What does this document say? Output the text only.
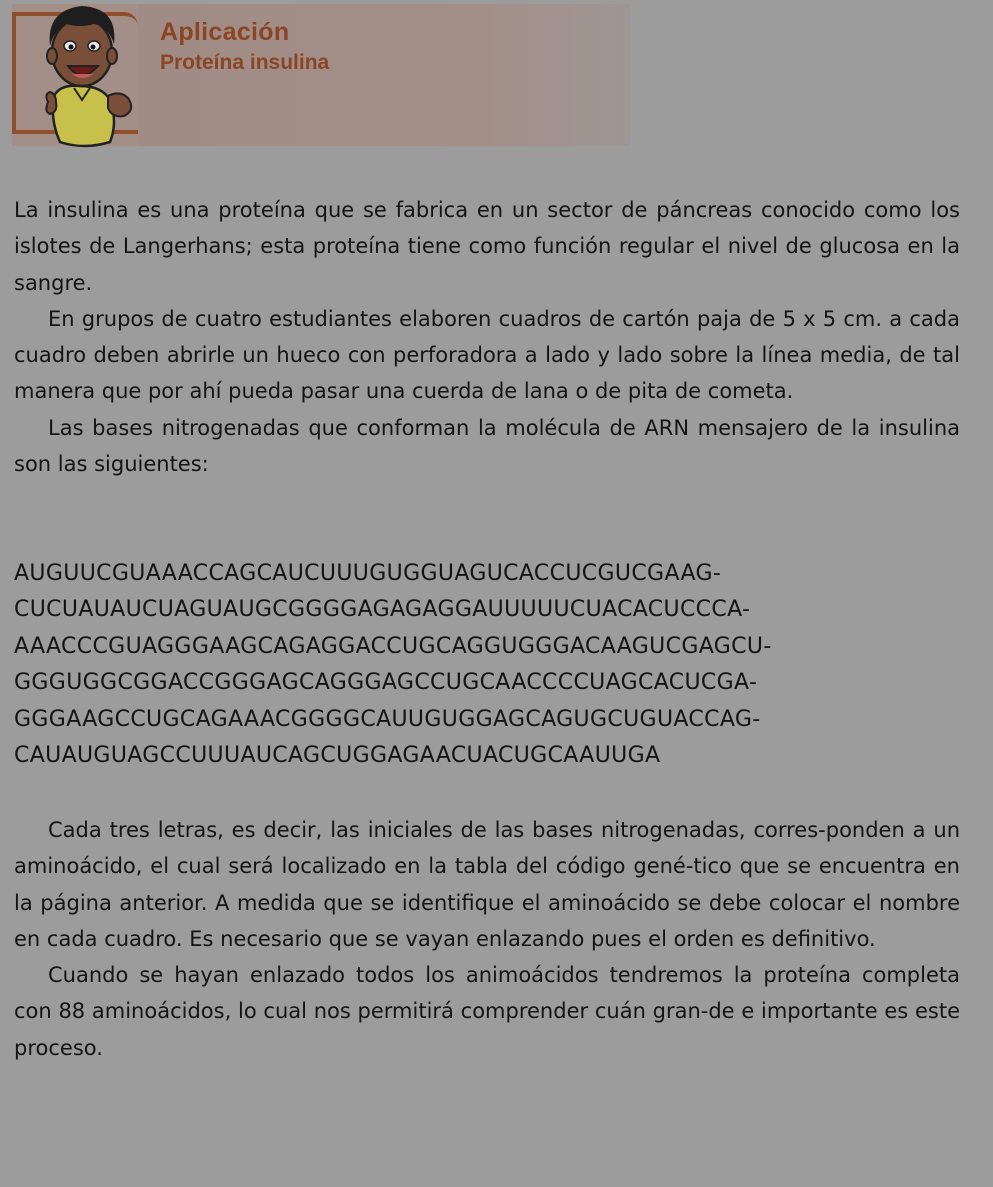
Aplicación
Proteína insulina

La insulina es una proteína que se fabrica en un sector de páncreas conocido como los islotes de Langerhans; esta proteína tiene como función regular el nivel de glucosa en la sangre.

En grupos de cuatro estudiantes elaboren cuadros de cartón paja de 5 x 5 cm. a cada cuadro deben abrirle un hueco con perforadora a lado y lado sobre la línea media, de tal manera que por ahí pueda pasar una cuerda de lana o de pita de cometa.

Las bases nitrogenadas que conforman la molécula de ARN mensajero de la insulina son las siguientes:

AUGUUCGUAAACCAGCAUCUUUGUGGUAGUCACCUCGUCGAAG-
CUCUAUAUCUAGUAUGCGGGGAGAGAGGAUUUUUCUACACUCCCA-
AAACCCGUAGGGAAGCAGAGGACCUGCAGGUGGGACAAGUCGAGCU-
GGGUGGCGGACCGGGAGCAGGGAGCCUGCAACCCCUAGCACUCGA-
GGGAAGCCUGCAGAAACGGGGCAUUGUGGAGCAGUGCUGUACCAG-
CAUAUGUAGCCUUUAUCAGCUGGAGAACUACUGCAAUUGA

Cada tres letras, es decir, las iniciales de las bases nitrogenadas, corres-ponden a un aminoácido, el cual será localizado en la tabla del código gené-tico que se encuentra en la página anterior. A medida que se identifique el aminoácido se debe colocar el nombre en cada cuadro. Es necesario que se vayan enlazando pues el orden es definitivo.

Cuando se hayan enlazado todos los animoácidos tendremos la proteína completa con 88 aminoácidos, lo cual nos permitirá comprender cuán gran-de e importante es este proceso.
